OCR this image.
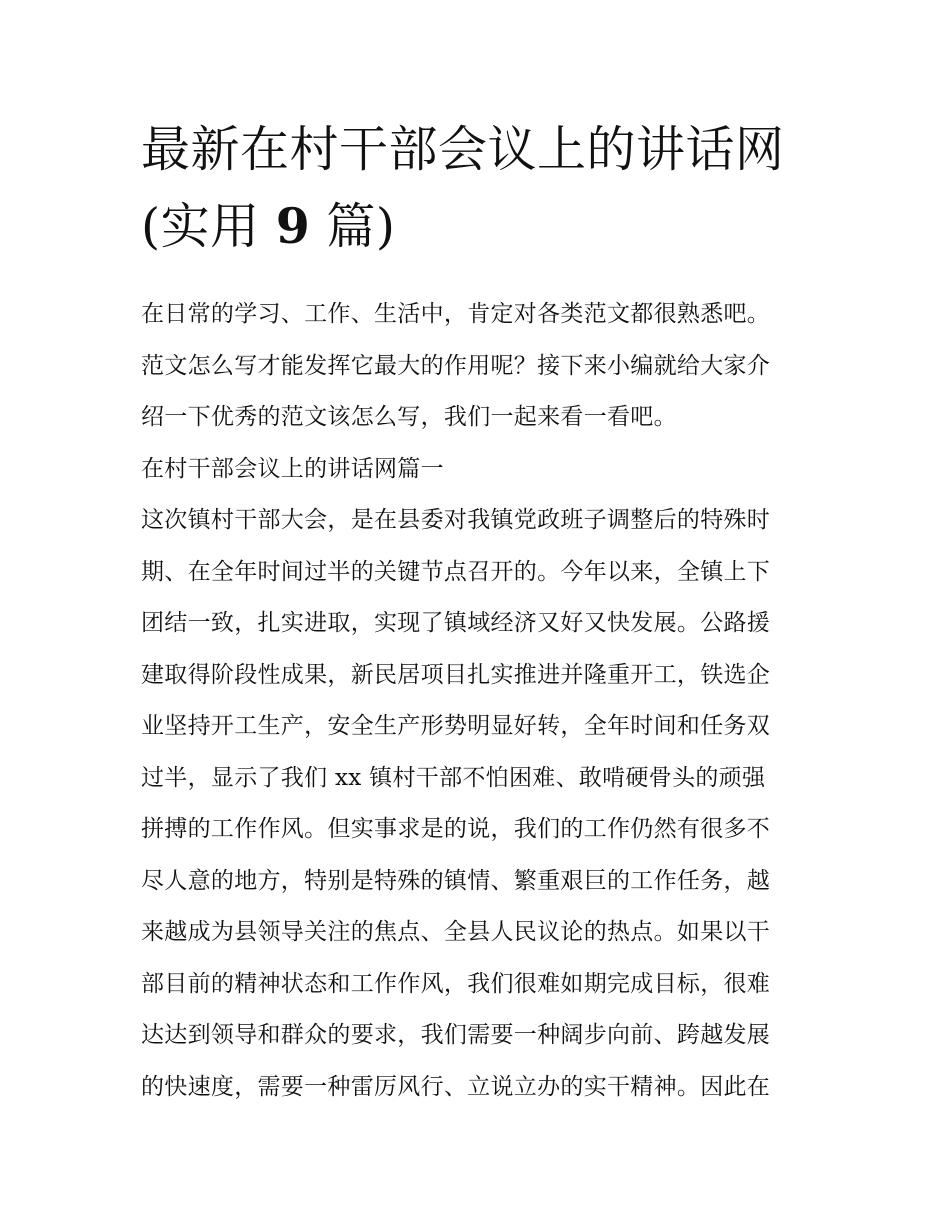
最新在村干部会议上的讲话网
(实用 9 篇)
在日常的学习、工作、生活中，肯定对各类范文都很熟悉吧。
范文怎么写才能发挥它最大的作用呢？接下来小编就给大家介
绍一下优秀的范文该怎么写，我们一起来看一看吧。
在村干部会议上的讲话网篇一
这次镇村干部大会，是在县委对我镇党政班子调整后的特殊时
期、在全年时间过半的关键节点召开的。今年以来，全镇上下
团结一致，扎实进取，实现了镇域经济又好又快发展。公路援
建取得阶段性成果，新民居项目扎实推进并隆重开工，铁选企
业坚持开工生产，安全生产形势明显好转，全年时间和任务双
过半，显示了我们 xx 镇村干部不怕困难、敢啃硬骨头的顽强
拼搏的工作作风。但实事求是的说，我们的工作仍然有很多不
尽人意的地方，特别是特殊的镇情、繁重艰巨的工作任务，越
来越成为县领导关注的焦点、全县人民议论的热点。如果以干
部目前的精神状态和工作作风，我们很难如期完成目标，很难
达达到领导和群众的要求，我们需要一种阔步向前、跨越发展
的快速度，需要一种雷厉风行、立说立办的实干精神。因此在
